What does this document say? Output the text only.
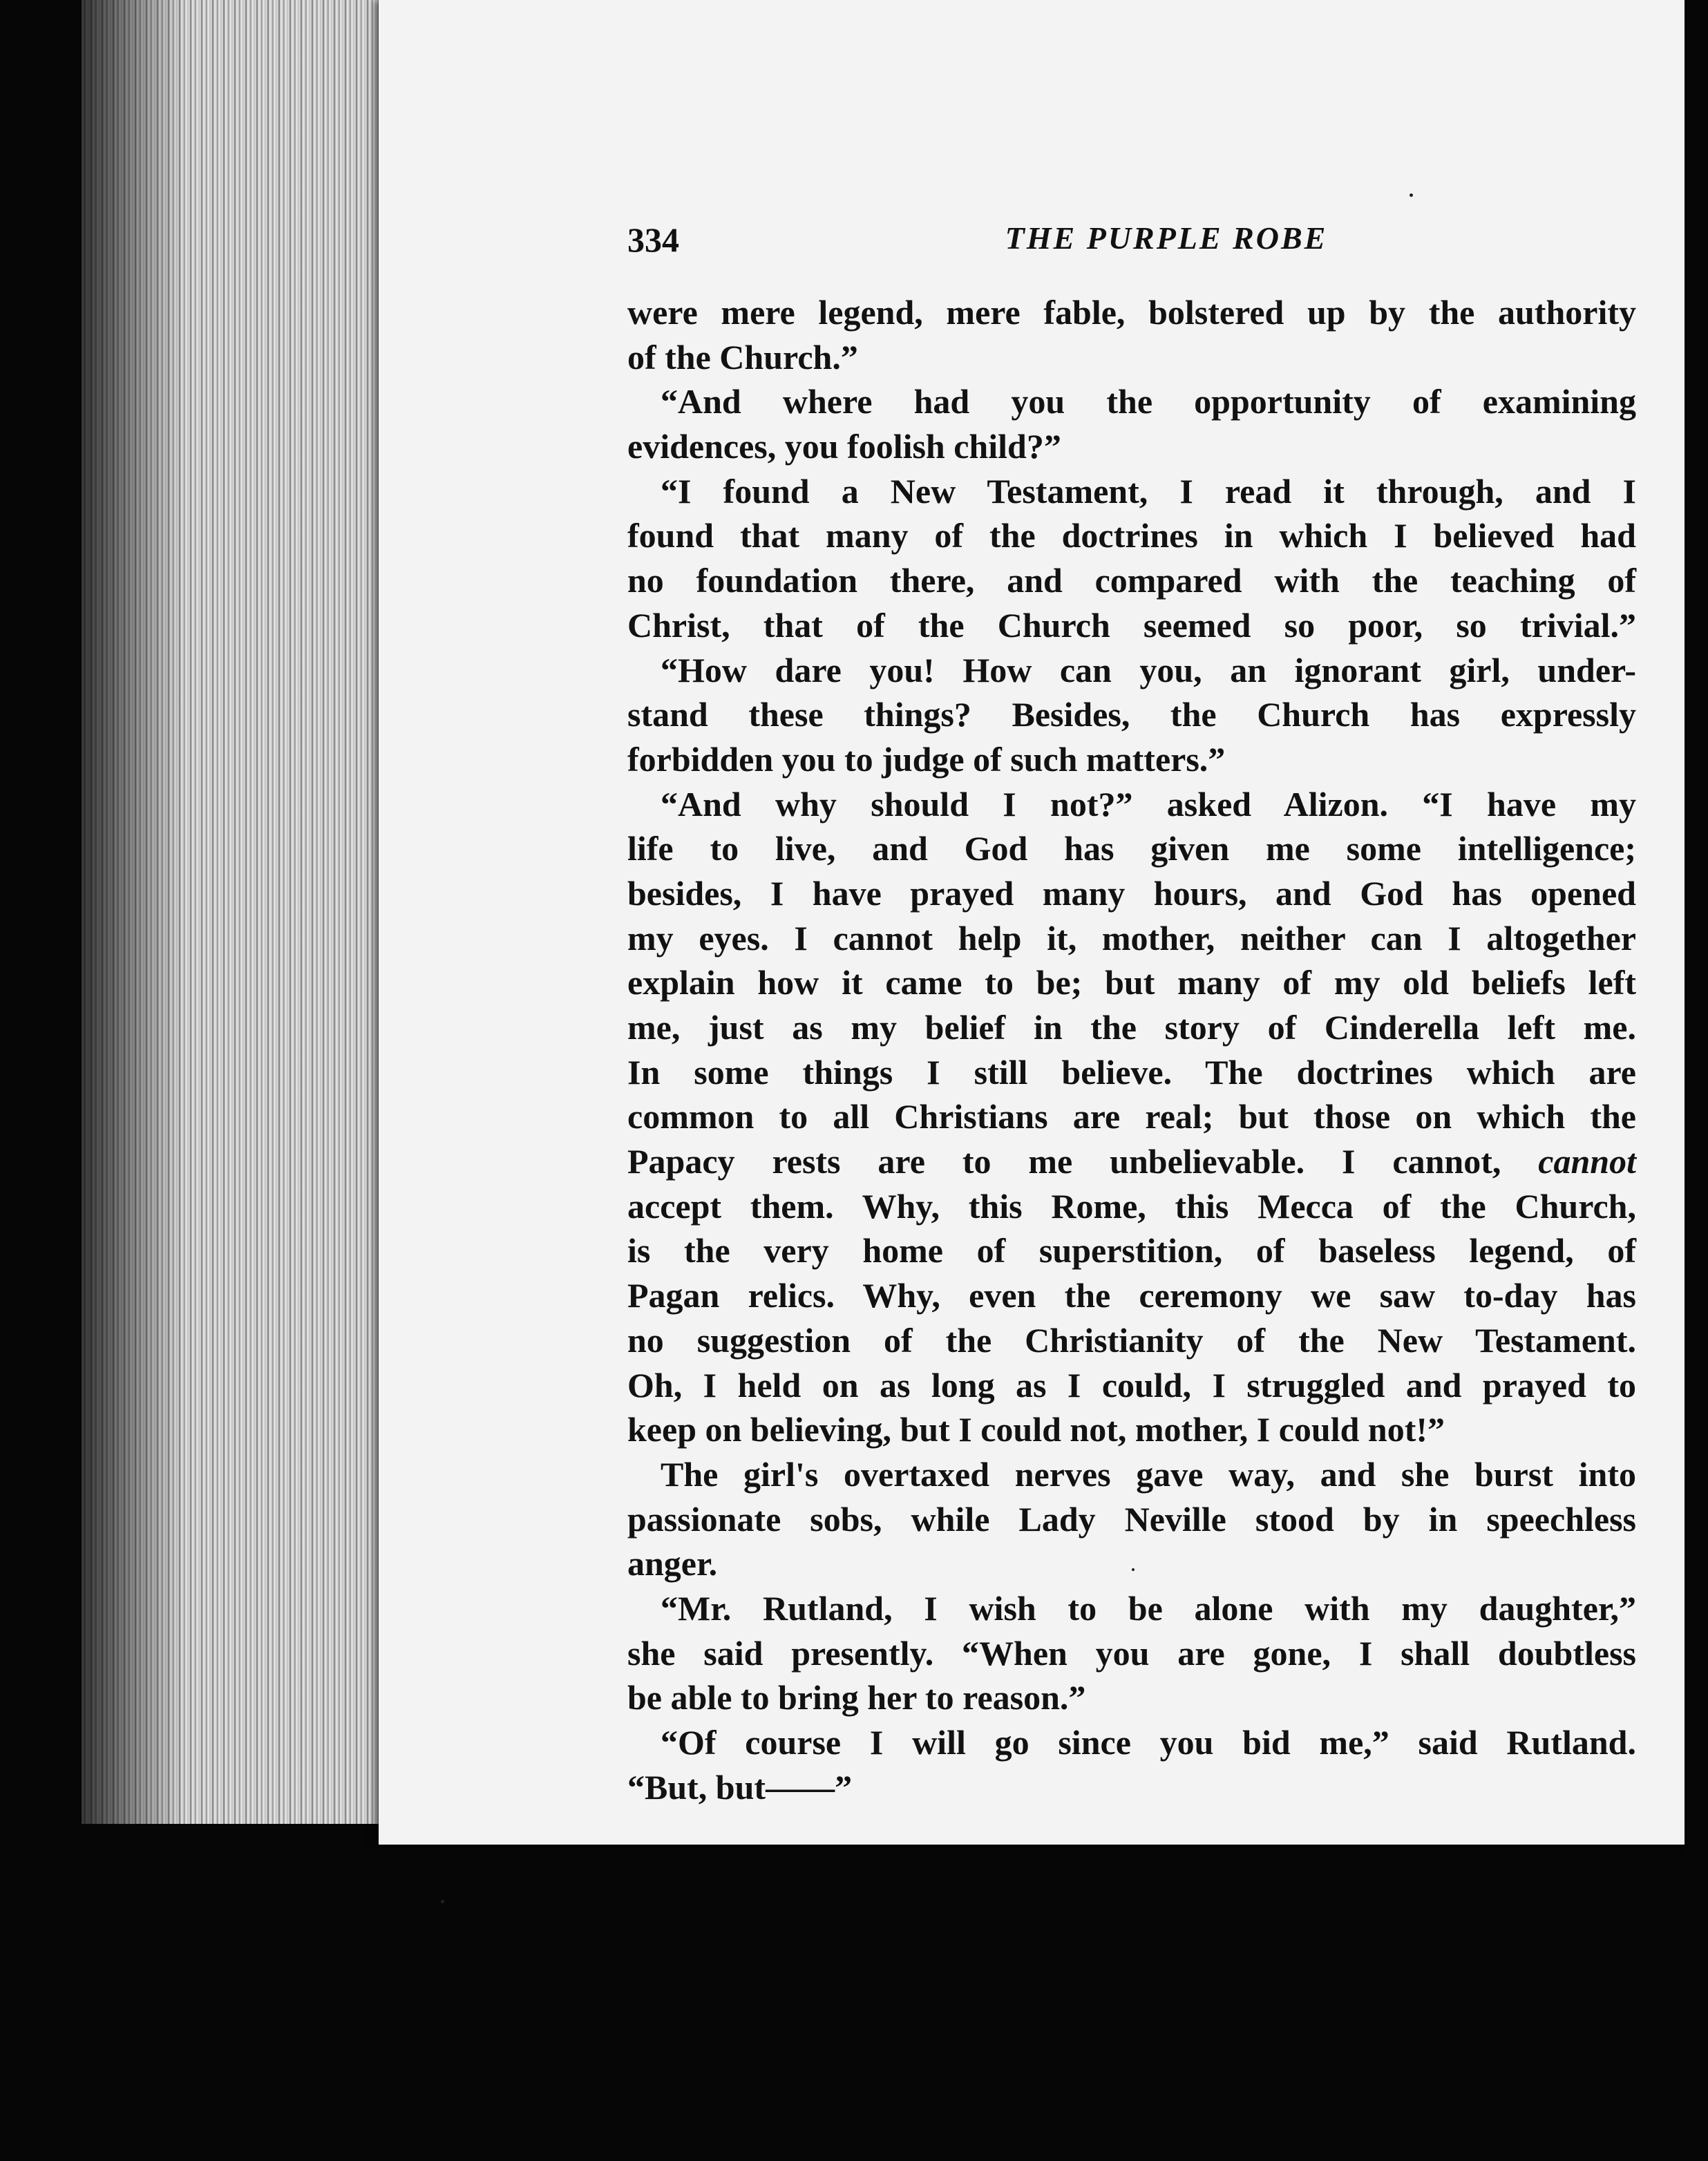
334	THE PURPLE ROBE
were mere legend, mere fable, bolstered up by the authority
of the Church.”
“And where had you the opportunity of examining
evidences, you foolish child?”
“I found a New Testament, I read it through, and I
found that many of the doctrines in which I believed had
no foundation there, and compared with the teaching of
Christ, that of the Church seemed so poor, so trivial.”
“How dare you! How can you, an ignorant girl, under-
stand these things? Besides, the Church has expressly
forbidden you to judge of such matters.”
“And why should I not?” asked Alizon. “I have my
life to live, and God has given me some intelligence;
besides, I have prayed many hours, and God has opened
my eyes. I cannot help it, mother, neither can I altogether
explain how it came to be; but many of my old beliefs left
me, just as my belief in the story of Cinderella left me.
In some things I still believe. The doctrines which are
common to all Christians are real; but those on which the
Papacy rests are to me unbelievable. I cannot, cannot
accept them. Why, this Rome, this Mecca of the Church,
is the very home of superstition, of baseless legend, of
Pagan relics. Why, even the ceremony we saw to-day has
no suggestion of the Christianity of the New Testament.
Oh, I held on as long as I could, I struggled and prayed to
keep on believing, but I could not, mother, I could not!”
The girl's overtaxed nerves gave way, and she burst into
passionate sobs, while Lady Neville stood by in speechless
anger.
“Mr. Rutland, I wish to be alone with my daughter,”
she said presently. “When you are gone, I shall doubtless
be able to bring her to reason.”
“Of course I will go since you bid me,” said Rutland.
“But, but——”
